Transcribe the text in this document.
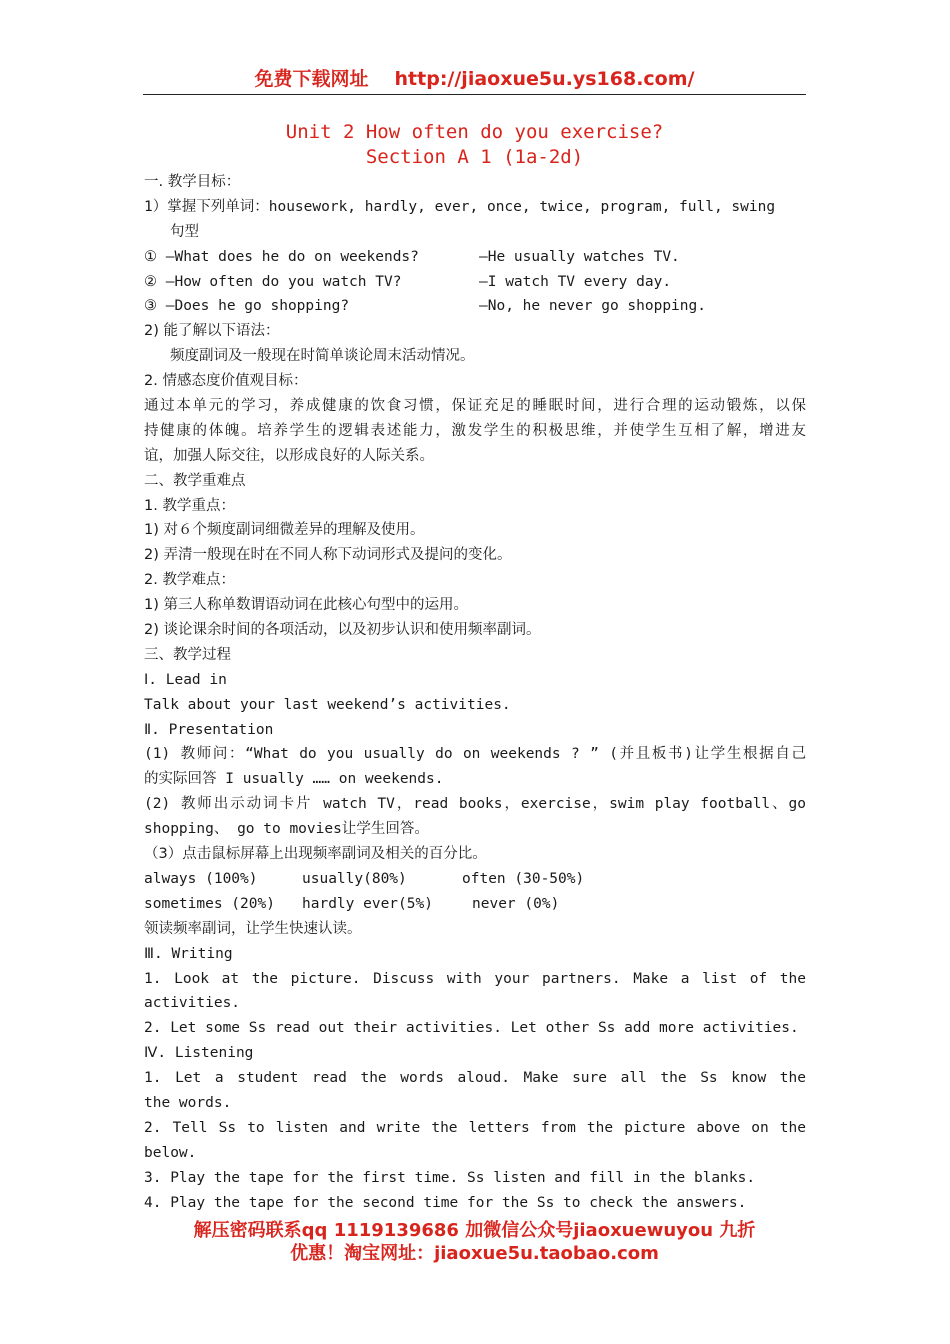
免费下载网址 http://jiaoxue5u.ys168.com/
Unit 2 How often do you exercise?
Section A 1 (1a-2d)
一. 教学目标：
1）掌握下列单词：housework, hardly, ever, once, twice, program, full, swing
句型
① —What does he do on weekends?	—He usually watches TV.
② —How often do you watch TV?	—I watch TV every day.
③ —Does he go shopping?	—No, he never go shopping.
2) 能了解以下语法：
频度副词及一般现在时简单谈论周末活动情况。
2. 情感态度价值观目标：
通过本单元的学习，养成健康的饮食习惯，保证充足的睡眠时间，进行合理的运动锻炼，以保
持健康的体魄。培养学生的逻辑表述能力，激发学生的积极思维，并使学生互相了解，增进友
谊，加强人际交往，以形成良好的人际关系。
二、教学重难点
1. 教学重点：
1) 对６个频度副词细微差异的理解及使用。
2) 弄清一般现在时在不同人称下动词形式及提问的变化。
2. 教学难点：
1) 第三人称单数谓语动词在此核心句型中的运用。
2) 谈论课余时间的各项活动，以及初步认识和使用频率副词。
三、教学过程
Ⅰ. Lead in
Talk about your last weekend’s activities.
Ⅱ. Presentation
(1) 教师问：“What do you usually do on weekends ? ” (并且板书)让学生根据自己
的实际回答 I usually …… on weekends.
(2) 教师出示动词卡片 watch TV，read books，exercise，swim play football、go
shopping、 go to movies让学生回答。
（3）点击鼠标屏幕上出现频率副词及相关的百分比。
always (100%)	usually(80%)	often (30-50%)
sometimes (20%) hardly ever(5%)	never (0%)
领读频率副词，让学生快速认读。
Ⅲ. Writing
1. Look at the picture. Discuss with your partners. Make a list of the
activities.
2. Let some Ss read out their activities. Let other Ss add more activities.
Ⅳ. Listening
1. Let a student read the words aloud. Make sure all the Ss know the
the words.
2. Tell Ss to listen and write the letters from the picture above on the
below.
3. Play the tape for the first time. Ss listen and fill in the blanks.
4. Play the tape for the second time for the Ss to check the answers.
解压密码联系qq 1119139686 加微信公众号jiaoxuewuyou 九折
优惠！淘宝网址：jiaoxue5u.taobao.com
